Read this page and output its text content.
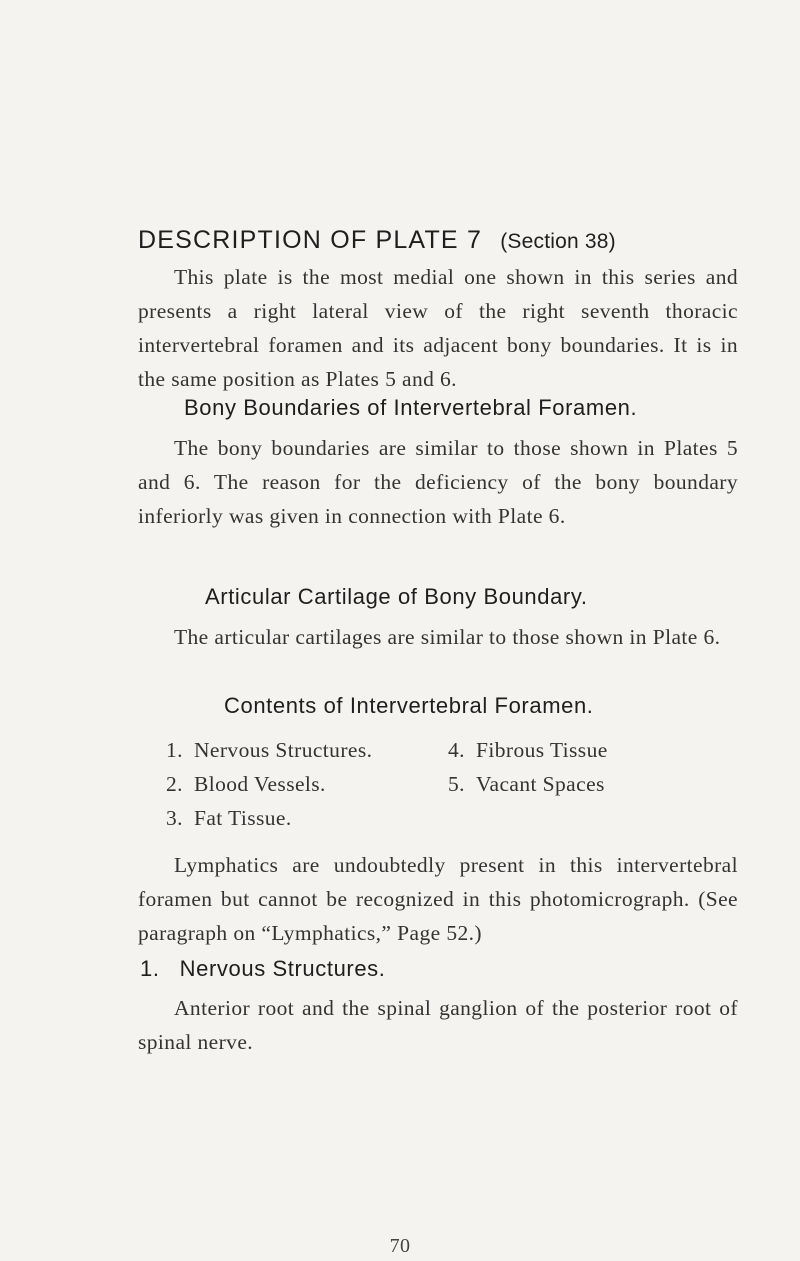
DESCRIPTION OF PLATE 7 (Section 38)

This plate is the most medial one shown in this series and presents a right lateral view of the right seventh thoracic intervertebral foramen and its adjacent bony boundaries. It is in the same position as Plates 5 and 6.

Bony Boundaries of Intervertebral Foramen.

The bony boundaries are similar to those shown in Plates 5 and 6. The reason for the deficiency of the bony boundary inferiorly was given in connection with Plate 6.

Articular Cartilage of Bony Boundary.

The articular cartilages are similar to those shown in Plate 6.

Contents of Intervertebral Foramen.
1. Nervous Structures.
2. Blood Vessels.
3. Fat Tissue.
4. Fibrous Tissue
5. Vacant Spaces

Lymphatics are undoubtedly present in this intervertebral foramen but cannot be recognized in this photomicrograph. (See paragraph on “Lymphatics,” Page 52.)

1.   Nervous Structures.

Anterior root and the spinal ganglion of the posterior root of spinal nerve.

70
